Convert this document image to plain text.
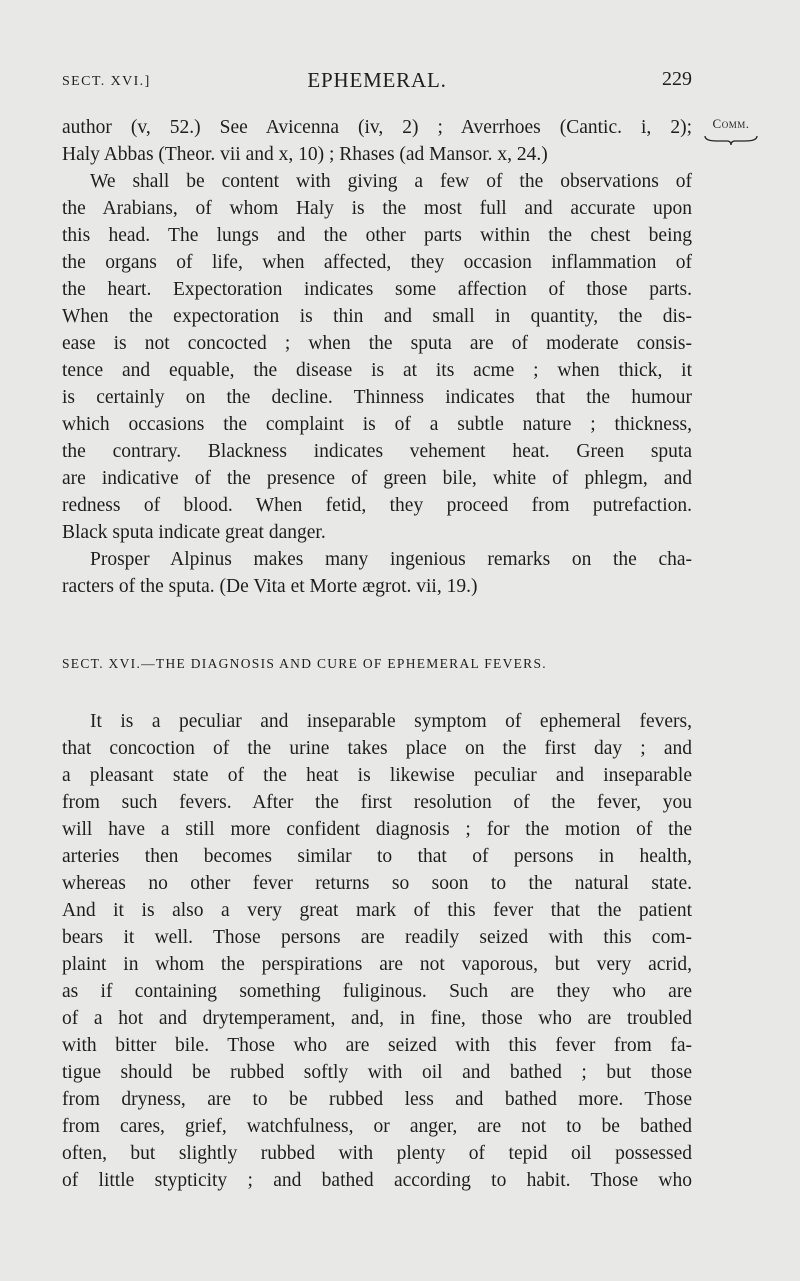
SECT. XVI.]	EPHEMERAL.	229
Comm.
author (v, 52.) See Avicenna (iv, 2) ; Averrhoes (Cantic. i, 2);
Haly Abbas (Theor. vii and x, 10) ; Rhases (ad Mansor. x, 24.)
We shall be content with giving a few of the observations of
the Arabians, of whom Haly is the most full and accurate upon
this head. The lungs and the other parts within the chest being
the organs of life, when affected, they occasion inflammation of
the heart. Expectoration indicates some affection of those parts.
When the expectoration is thin and small in quantity, the dis-
ease is not concocted ; when the sputa are of moderate consis-
tence and equable, the disease is at its acme ; when thick, it
is certainly on the decline. Thinness indicates that the humour
which occasions the complaint is of a subtle nature ; thickness,
the contrary. Blackness indicates vehement heat. Green sputa
are indicative of the presence of green bile, white of phlegm, and
redness of blood. When fetid, they proceed from putrefaction.
Black sputa indicate great danger.
Prosper Alpinus makes many ingenious remarks on the cha-
racters of the sputa. (De Vita et Morte ægrot. vii, 19.)
SECT. XVI.—THE DIAGNOSIS AND CURE OF EPHEMERAL FEVERS.
It is a peculiar and inseparable symptom of ephemeral fevers,
that concoction of the urine takes place on the first day ; and
a pleasant state of the heat is likewise peculiar and inseparable
from such fevers. After the first resolution of the fever, you
will have a still more confident diagnosis ; for the motion of the
arteries then becomes similar to that of persons in health,
whereas no other fever returns so soon to the natural state.
And it is also a very great mark of this fever that the patient
bears it well. Those persons are readily seized with this com-
plaint in whom the perspirations are not vaporous, but very acrid,
as if containing something fuliginous. Such are they who are
of a hot and drytemperament, and, in fine, those who are troubled
with bitter bile. Those who are seized with this fever from fa-
tigue should be rubbed softly with oil and bathed ; but those
from dryness, are to be rubbed less and bathed more. Those
from cares, grief, watchfulness, or anger, are not to be bathed
often, but slightly rubbed with plenty of tepid oil possessed
of little stypticity ; and bathed according to habit. Those who
